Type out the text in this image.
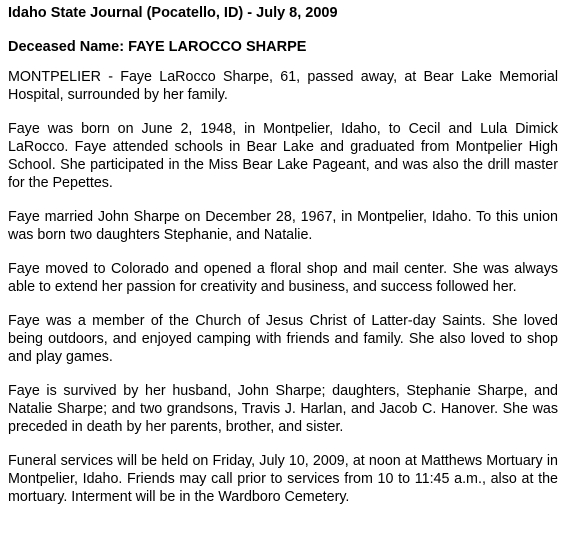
Idaho State Journal (Pocatello, ID) - July 8, 2009
Deceased Name: FAYE LAROCCO SHARPE

MONTPELIER - Faye LaRocco Sharpe, 61, passed away, at Bear Lake Memorial Hospital, surrounded by her family.

Faye was born on June 2, 1948, in Montpelier, Idaho, to Cecil and Lula Dimick LaRocco. Faye attended schools in Bear Lake and graduated from Montpelier High School. She participated in the Miss Bear Lake Pageant, and was also the drill master for the Pepettes.

Faye married John Sharpe on December 28, 1967, in Montpelier, Idaho. To this union was born two daughters Stephanie, and Natalie.

Faye moved to Colorado and opened a floral shop and mail center. She was always able to extend her passion for creativity and business, and success followed her.

Faye was a member of the Church of Jesus Christ of Latter-day Saints. She loved being outdoors, and enjoyed camping with friends and family. She also loved to shop and play games.

Faye is survived by her husband, John Sharpe; daughters, Stephanie Sharpe, and Natalie Sharpe; and two grandsons, Travis J. Harlan, and Jacob C. Hanover. She was preceded in death by her parents, brother, and sister.

Funeral services will be held on Friday, July 10, 2009, at noon at Matthews Mortuary in Montpelier, Idaho. Friends may call prior to services from 10 to 11:45 a.m., also at the mortuary. Interment will be in the Wardboro Cemetery.
